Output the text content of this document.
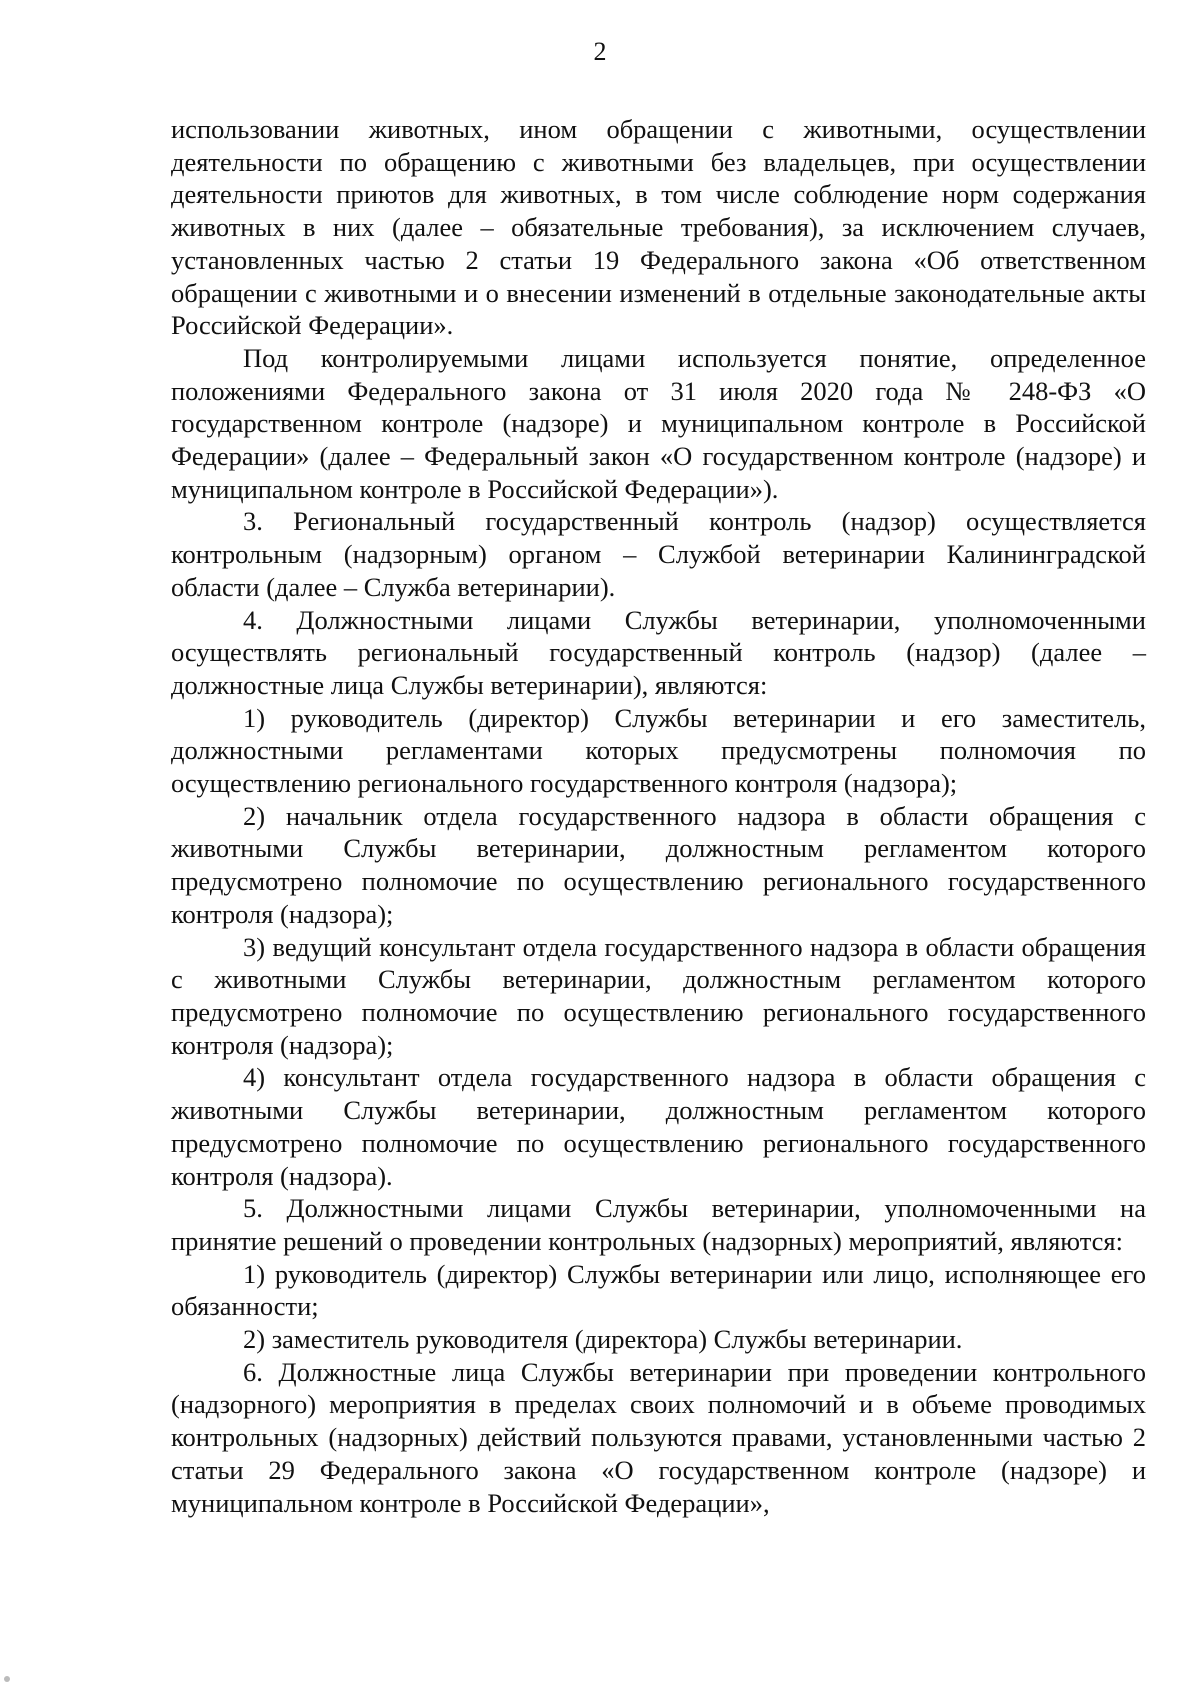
2

использовании животных, ином обращении с животными, осуществлении деятельности по обращению с животными без владельцев, при осуществлении деятельности приютов для животных, в том числе соблюдение норм содержания животных в них (далее – обязательные требования), за исключением случаев, установленных частью 2 статьи 19 Федерального закона «Об ответственном обращении с животными и о внесении изменений в отдельные законодательные акты Российской Федерации».

Под контролируемыми лицами используется понятие, определенное положениями Федерального закона от 31 июля 2020 года № 248-ФЗ «О государственном контроле (надзоре) и муниципальном контроле в Российской Федерации» (далее – Федеральный закон «О государственном контроле (надзоре) и муниципальном контроле в Российской Федерации»).

3. Региональный государственный контроль (надзор) осуществляется контрольным (надзорным) органом – Службой ветеринарии Калининградской области (далее – Служба ветеринарии).

4. Должностными лицами Службы ветеринарии, уполномоченными осуществлять региональный государственный контроль (надзор) (далее – должностные лица Службы ветеринарии), являются:

1) руководитель (директор) Службы ветеринарии и его заместитель, должностными регламентами которых предусмотрены полномочия по осуществлению регионального государственного контроля (надзора);

2) начальник отдела государственного надзора в области обращения с животными Службы ветеринарии, должностным регламентом которого предусмотрено полномочие по осуществлению регионального государственного контроля (надзора);

3) ведущий консультант отдела государственного надзора в области обращения с животными Службы ветеринарии, должностным регламентом которого предусмотрено полномочие по осуществлению регионального государственного контроля (надзора);

4) консультант отдела государственного надзора в области обращения с животными Службы ветеринарии, должностным регламентом которого предусмотрено полномочие по осуществлению регионального государственного контроля (надзора).

5. Должностными лицами Службы ветеринарии, уполномоченными на принятие решений о проведении контрольных (надзорных) мероприятий, являются:

1) руководитель (директор) Службы ветеринарии или лицо, исполняющее его обязанности;

2) заместитель руководителя (директора) Службы ветеринарии.

6. Должностные лица Службы ветеринарии при проведении контрольного (надзорного) мероприятия в пределах своих полномочий и в объеме проводимых контрольных (надзорных) действий пользуются правами, установленными частью 2 статьи 29 Федерального закона «О государственном контроле (надзоре) и муниципальном контроле в Российской Федерации»,
